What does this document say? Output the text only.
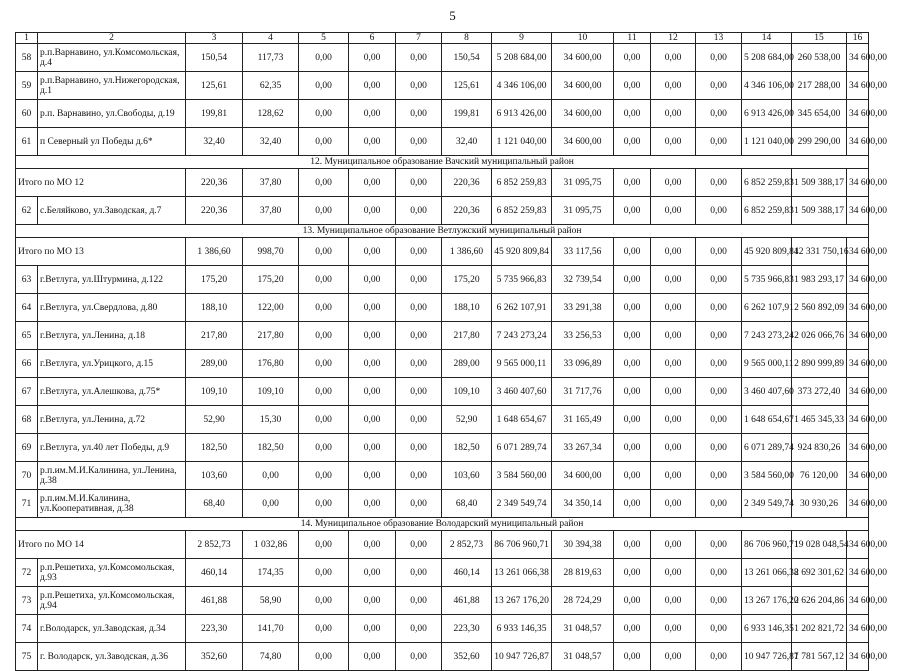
5
1	2	3	4	5	6	7	8	9	10	11	12	13	14	15	16
58	р.п.Варнавино, ул.Комсомольская, д.4	150,54	117,73	0,00	0,00	0,00	150,54	5 208 684,00	34 600,00	0,00	0,00	0,00	5 208 684,00	260 538,00	34 600,00
59	р.п.Варнавино, ул.Нижегородская, д.1	125,61	62,35	0,00	0,00	0,00	125,61	4 346 106,00	34 600,00	0,00	0,00	0,00	4 346 106,00	217 288,00	34 600,00
60	р.п. Варнавино, ул.Свободы, д.19	199,81	128,62	0,00	0,00	0,00	199,81	6 913 426,00	34 600,00	0,00	0,00	0,00	6 913 426,00	345 654,00	34 600,00
61	п Северный ул Победы д.6*	32,40	32,40	0,00	0,00	0,00	32,40	1 121 040,00	34 600,00	0,00	0,00	0,00	1 121 040,00	299 290,00	34 600,00
12. Муниципальное образование Вачский муниципальный район															
Итого по МО 12		220,36	37,80	0,00	0,00	0,00	220,36	6 852 259,83	31 095,75	0,00	0,00	0,00	6 852 259,83	1 509 388,17	34 600,00
62	с.Беляйково, ул.Заводская, д.7	220,36	37,80	0,00	0,00	0,00	220,36	6 852 259,83	31 095,75	0,00	0,00	0,00	6 852 259,83	1 509 388,17	34 600,00
13. Муниципальное образование Ветлужский муниципальный район															
Итого по МО 13		1 386,60	998,70	0,00	0,00	0,00	1 386,60	45 920 809,84	33 117,56	0,00	0,00	0,00	45 920 809,84	12 331 750,16	34 600,00
63	г.Ветлуга, ул.Штурмина, д.122	175,20	175,20	0,00	0,00	0,00	175,20	5 735 966,83	32 739,54	0,00	0,00	0,00	5 735 966,83	1 983 293,17	34 600,00
64	г.Ветлуга, ул.Свердлова, д.80	188,10	122,00	0,00	0,00	0,00	188,10	6 262 107,91	33 291,38	0,00	0,00	0,00	6 262 107,91	2 560 892,09	34 600,00
65	г.Ветлуга, ул.Ленина, д.18	217,80	217,80	0,00	0,00	0,00	217,80	7 243 273,24	33 256,53	0,00	0,00	0,00	7 243 273,24	2 026 066,76	34 600,00
66	г.Ветлуга, ул.Урицкого, д.15	289,00	176,80	0,00	0,00	0,00	289,00	9 565 000,11	33 096,89	0,00	0,00	0,00	9 565 000,11	2 890 999,89	34 600,00
67	г.Ветлуга, ул.Алешкова, д.75*	109,10	109,10	0,00	0,00	0,00	109,10	3 460 407,60	31 717,76	0,00	0,00	0,00	3 460 407,60	373 272,40	34 600,00
68	г.Ветлуга, ул.Ленина, д.72	52,90	15,30	0,00	0,00	0,00	52,90	1 648 654,67	31 165,49	0,00	0,00	0,00	1 648 654,67	1 465 345,33	34 600,00
69	г.Ветлуга, ул.40 лет Победы, д.9	182,50	182,50	0,00	0,00	0,00	182,50	6 071 289,74	33 267,34	0,00	0,00	0,00	6 071 289,74	924 830,26	34 600,00
70	р.п.им.М.И.Калинина, ул.Ленина, д.38	103,60	0,00	0,00	0,00	0,00	103,60	3 584 560,00	34 600,00	0,00	0,00	0,00	3 584 560,00	76 120,00	34 600,00
71	р.п.им.М.И.Калинина, ул.Кооперативная, д.38	68,40	0,00	0,00	0,00	0,00	68,40	2 349 549,74	34 350,14	0,00	0,00	0,00	2 349 549,74	30 930,26	34 600,00
14. Муниципальное образование Володарский муниципальный район															
Итого по МО 14		2 852,73	1 032,86	0,00	0,00	0,00	2 852,73	86 706 960,71	30 394,38	0,00	0,00	0,00	86 706 960,71	19 028 048,54	34 600,00
72	р.п.Решетиха, ул.Комсомольская, д.93	460,14	174,35	0,00	0,00	0,00	460,14	13 261 066,38	28 819,63	0,00	0,00	0,00	13 261 066,38	2 692 301,62	34 600,00
73	р.п.Решетиха, ул.Комсомольская, д.94	461,88	58,90	0,00	0,00	0,00	461,88	13 267 176,20	28 724,29	0,00	0,00	0,00	13 267 176,20	2 626 204,86	34 600,00
74	г.Володарск, ул.Заводская, д.34	223,30	141,70	0,00	0,00	0,00	223,30	6 933 146,35	31 048,57	0,00	0,00	0,00	6 933 146,35	1 202 821,72	34 600,00
75	г. Володарск, ул.Заводская, д.36	352,60	74,80	0,00	0,00	0,00	352,60	10 947 726,87	31 048,57	0,00	0,00	0,00	10 947 726,87	1 781 567,12	34 600,00
